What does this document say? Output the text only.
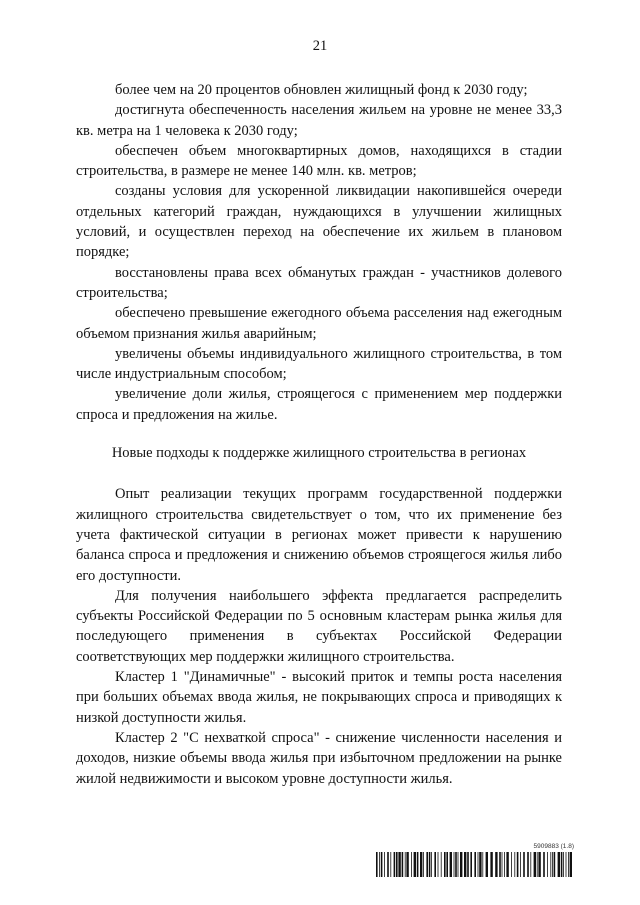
21

более чем на 20 процентов обновлен жилищный фонд к 2030 году;

достигнута обеспеченность населения жильем на уровне не менее 33,3 кв. метра на 1 человека к 2030 году;

обеспечен объем многоквартирных домов, находящихся в стадии строительства, в размере не менее 140 млн. кв. метров;

созданы условия для ускоренной ликвидации накопившейся очереди отдельных категорий граждан, нуждающихся в улучшении жилищных условий, и осуществлен переход на обеспечение их жильем в плановом порядке;

восстановлены права всех обманутых граждан - участников долевого строительства;

обеспечено превышение ежегодного объема расселения над ежегодным объемом признания жилья аварийным;

увеличены объемы индивидуального жилищного строительства, в том числе индустриальным способом;

увеличение доли жилья, строящегося с применением мер поддержки спроса и предложения на жилье.

Новые подходы к поддержке жилищного строительства в регионах

Опыт реализации текущих программ государственной поддержки жилищного строительства свидетельствует о том, что их применение без учета фактической ситуации в регионах может привести к нарушению баланса спроса и предложения и снижению объемов строящегося жилья либо его доступности.

Для получения наибольшего эффекта предлагается распределить субъекты Российской Федерации по 5 основным кластерам рынка жилья для последующего применения в субъектах Российской Федерации соответствующих мер поддержки жилищного строительства.

Кластер 1 "Динамичные" - высокий приток и темпы роста населения при больших объемах ввода жилья, не покрывающих спроса и приводящих к низкой доступности жилья.

Кластер 2 "С нехваткой спроса" - снижение численности населения и доходов, низкие объемы ввода жилья при избыточном предложении на рынке жилой недвижимости и высоком уровне доступности жилья.

5909883 (1.8)
